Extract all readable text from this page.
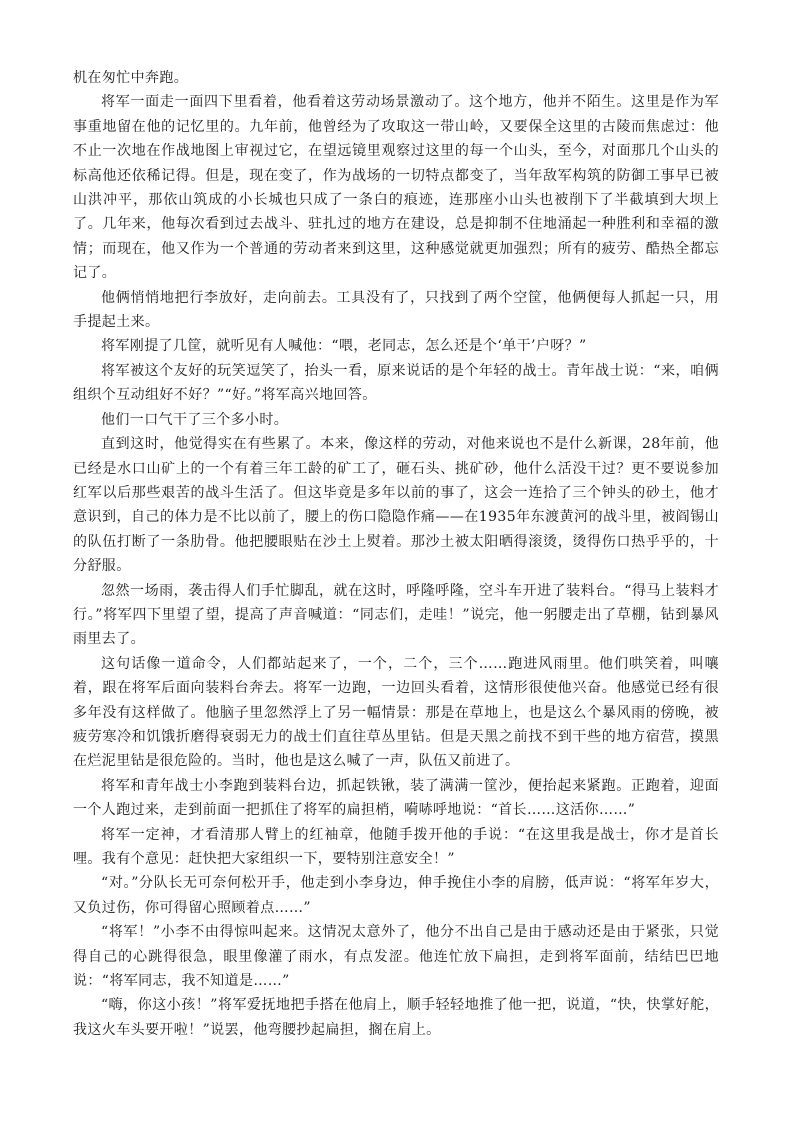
机在匆忙中奔跑。

将军一面走一面四下里看着，他看着这劳动场景激动了。这个地方，他并不陌生。这里是作为军事重地留在他的记忆里的。九年前，他曾经为了攻取这一带山岭，又要保全这里的古陵而焦虑过：他不止一次地在作战地图上审视过它，在望远镜里观察过这里的每一个山头，至今，对面那几个山头的标高他还依稀记得。但是，现在变了，作为战场的一切特点都变了，当年敌军构筑的防御工事早已被山洪冲平，那依山筑成的小长城也只成了一条白的痕迹，连那座小山头也被削下了半截填到大坝上了。几年来，他每次看到过去战斗、驻扎过的地方在建设，总是抑制不住地涌起一种胜利和幸福的激情；而现在，他又作为一个普通的劳动者来到这里，这种感觉就更加强烈；所有的疲劳、酷热全都忘记了。

他俩悄悄地把行李放好，走向前去。工具没有了，只找到了两个空筐，他俩便每人抓起一只，用手提起土来。

将军刚提了几筐，就听见有人喊他：“喂，老同志，怎么还是个‘单干’户呀？”

将军被这个友好的玩笑逗笑了，抬头一看，原来说话的是个年轻的战士。青年战士说：“来，咱俩组织个互动组好不好？”“好。”将军高兴地回答。

他们一口气干了三个多小时。

直到这时，他觉得实在有些累了。本来，像这样的劳动，对他来说也不是什么新课，28年前，他已经是水口山矿上的一个有着三年工龄的矿工了，砸石头、挑矿砂，他什么活没干过？更不要说参加红军以后那些艰苦的战斗生活了。但这毕竟是多年以前的事了，这会一连拾了三个钟头的砂土，他才意识到，自己的体力是不比以前了，腰上的伤口隐隐作痛——在1935年东渡黄河的战斗里，被阎锡山的队伍打断了一条肋骨。他把腰眼贴在沙土上熨着。那沙土被太阳晒得滚烫，烫得伤口热乎乎的，十分舒服。

忽然一场雨，袭击得人们手忙脚乱，就在这时，呼隆呼隆，空斗车开进了装料台。“得马上装料才行。”将军四下里望了望，提高了声音喊道：“同志们，走哇！”说完，他一躬腰走出了草棚，钻到暴风雨里去了。

这句话像一道命令，人们都站起来了，一个，二个，三个……跑进风雨里。他们哄笑着，叫嚷着，跟在将军后面向装料台奔去。将军一边跑，一边回头看着，这情形很使他兴奋。他感觉已经有很多年没有这样做了。他脑子里忽然浮上了另一幅情景：那是在草地上，也是这么个暴风雨的傍晚，被疲劳寒冷和饥饿折磨得衰弱无力的战士们直往草丛里钻。但是天黑之前找不到干些的地方宿营，摸黑在烂泥里钻是很危险的。当时，他也是这么喊了一声，队伍又前进了。

将军和青年战士小李跑到装料台边，抓起铁锹，装了满满一筐沙，便抬起来紧跑。正跑着，迎面一个人跑过来，走到前面一把抓住了将军的扁担梢，嗬哧呼地说：“首长……这活你……”

将军一定神，才看清那人臂上的红袖章，他随手拨开他的手说：“在这里我是战士，你才是首长哩。我有个意见：赶快把大家组织一下，要特别注意安全！”

“对。”分队长无可奈何松开手，他走到小李身边，伸手挽住小李的肩膀，低声说：“将军年岁大，又负过伤，你可得留心照顾着点……”

“将军！”小李不由得惊叫起来。这情况太意外了，他分不出自己是由于感动还是由于紧张，只觉得自己的心跳得很急，眼里像灌了雨水，有点发涩。他连忙放下扁担，走到将军面前，结结巴巴地说：“将军同志，我不知道是……”

“嗨，你这小孩！”将军爱抚地把手搭在他肩上，顺手轻轻地推了他一把，说道，“快，快掌好舵，我这火车头要开啦！”说罢，他弯腰抄起扁担，搁在肩上。
